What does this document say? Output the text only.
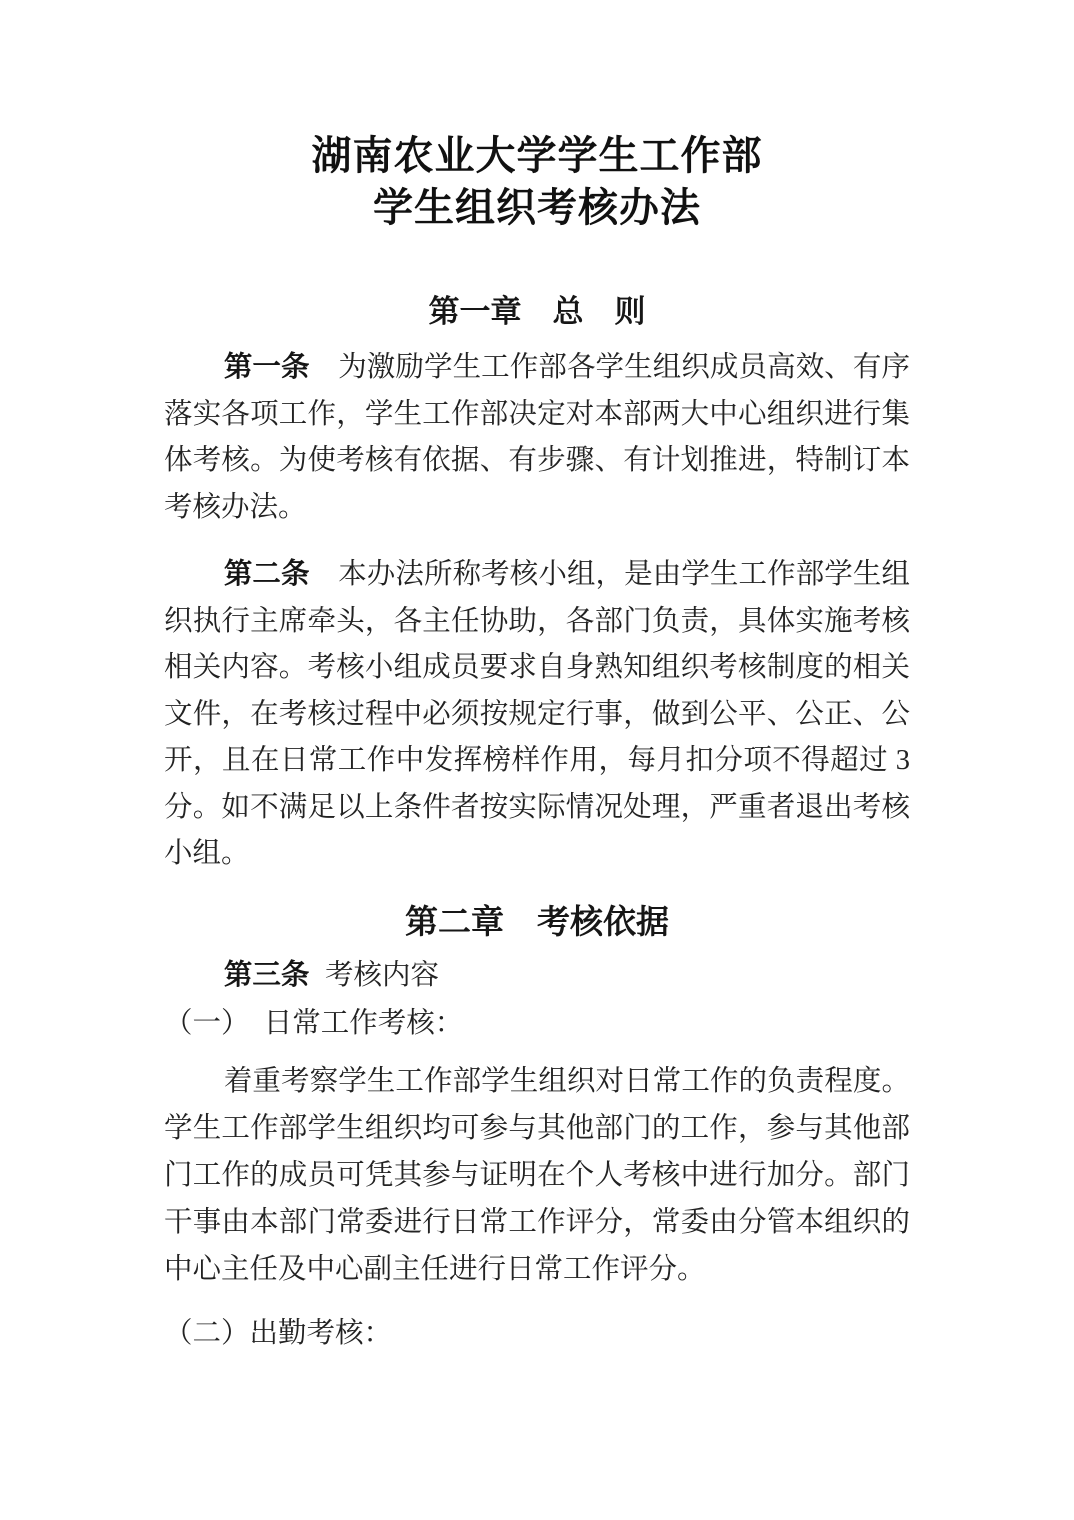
湖南农业大学学生工作部
学生组织考核办法
第一章　总　则

第一条　为激励学生工作部各学生组织成员高效、有序落实各项工作，学生工作部决定对本部两大中心组织进行集体考核。为使考核有依据、有步骤、有计划推进，特制订本考核办法。

第二条　本办法所称考核小组，是由学生工作部学生组织执行主席牵头，各主任协助，各部门负责，具体实施考核相关内容。考核小组成员要求自身熟知组织考核制度的相关文件，在考核过程中必须按规定行事，做到公平、公正、公开，且在日常工作中发挥榜样作用，每月扣分项不得超过 3 分。如不满足以上条件者按实际情况处理，严重者退出考核小组。

第二章　考核依据

第三条 考核内容

（一）　日常工作考核：

着重考察学生工作部学生组织对日常工作的负责程度。学生工作部学生组织均可参与其他部门的工作，参与其他部门工作的成员可凭其参与证明在个人考核中进行加分。部门干事由本部门常委进行日常工作评分，常委由分管本组织的中心主任及中心副主任进行日常工作评分。

（二）出勤考核：
